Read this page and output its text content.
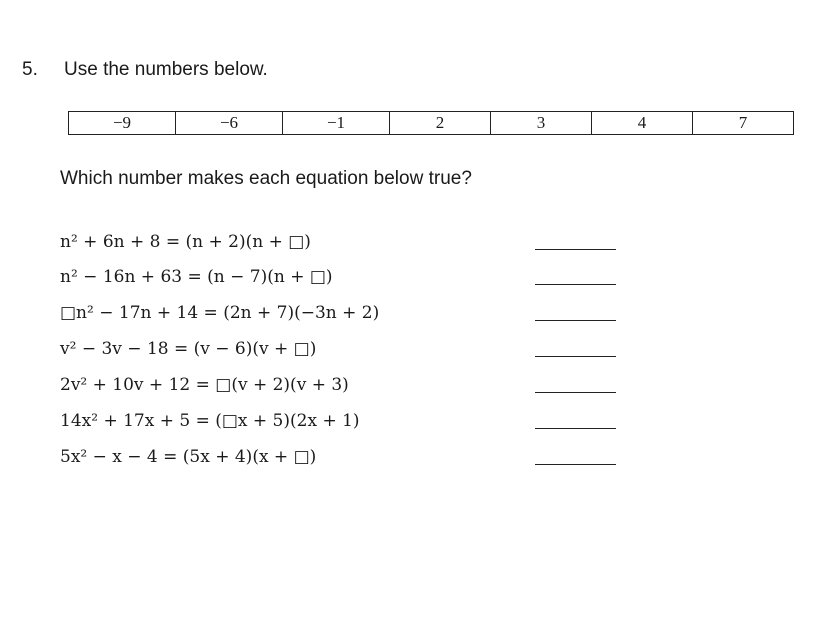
5. Use the numbers below.
−9	−6	−1	2	3	4	7
Which number makes each equation below true?
n² + 6n + 8 = (n + 2)(n + □)
n² − 16n + 63 = (n − 7)(n + □)
□n² − 17n + 14 = (2n + 7)(−3n + 2)
v² − 3v − 18 = (v − 6)(v + □)
2v² + 10v + 12 = □(v + 2)(v + 3)
14x² + 17x + 5 = (□x + 5)(2x + 1)
5x² − x − 4 = (5x + 4)(x + □)
